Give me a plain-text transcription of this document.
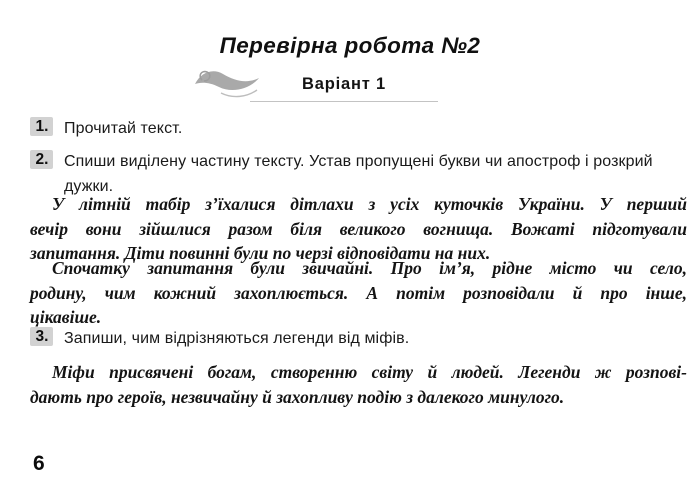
Перевірна робота №2
Варіант 1
1. Прочитай текст.
2. Спиши виділену частину тексту. Устав пропущені букви чи апостроф і розкрий
дужки.
У літній табір з’їхалися дітлахи з усіх куточків України. У перший
вечір вони зійшлися разом біля великого вогнища. Вожаті підготували
запитання. Діти повинні були по черзі відповідати на них.
Спочатку запитання були звичайні. Про ім’я, рідне місто чи село,
родину, чим кожний захоплюється. А потім розповідали й про інше,
цікавіше.
3. Запиши, чим відрізняються легенди від міфів.
Міфи присвячені богам, створенню світу й людей. Легенди ж розпові-
дають про героїв, незвичайну й захопливу подію з далекого минулого.
6
